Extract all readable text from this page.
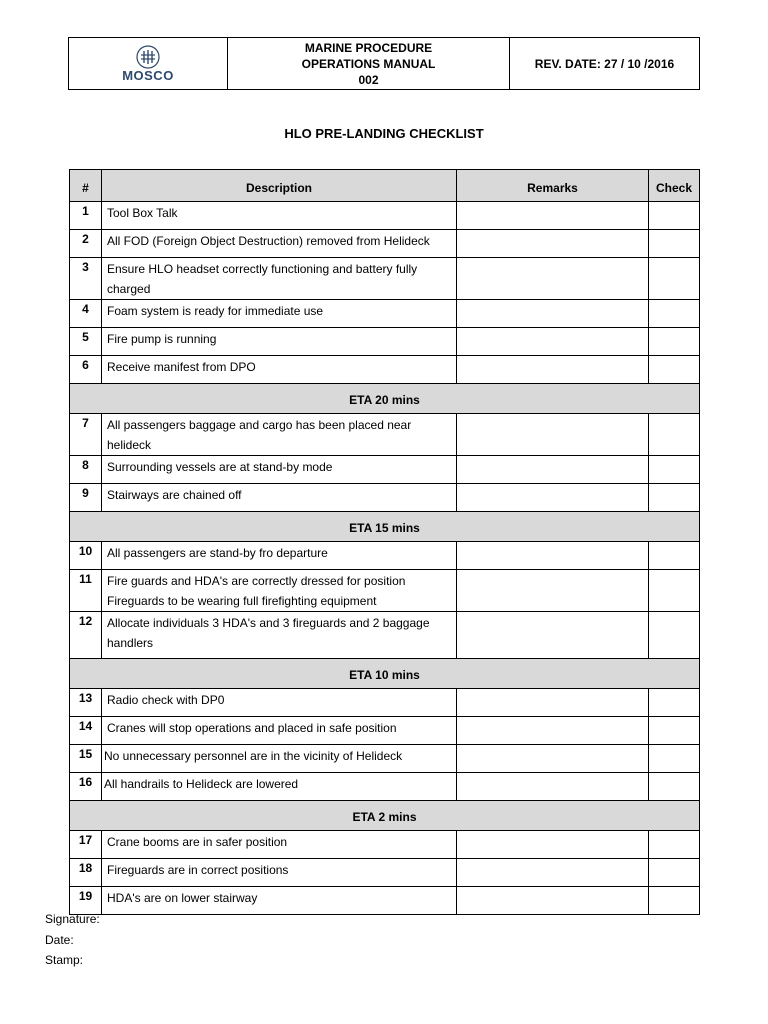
MOSCO
MARINE PROCEDURE
OPERATIONS MANUAL
002
REV. DATE: 27 / 10 /2016
HLO PRE-LANDING CHECKLIST
#	Description	Remarks	Check
1	Tool Box Talk		
2	All FOD (Foreign Object Destruction) removed from Helideck		
3	Ensure HLO headset correctly functioning and battery fully charged		
4	Foam system is ready for immediate use		
5	Fire pump is running		
6	Receive manifest from DPO		
ETA 20 mins			
7	All passengers baggage and cargo has been placed near helideck		
8	Surrounding vessels are at stand-by mode		
9	Stairways are chained off		
ETA 15 mins			
10	All passengers are stand-by fro departure		
11	Fire guards and HDA's are correctly dressed for position Fireguards to be wearing full firefighting equipment		
12	Allocate individuals 3 HDA's and 3 fireguards and 2 baggage handlers		
ETA 10 mins			
13	Radio check with DP0		
14	Cranes will stop operations and placed in safe position		
15	No unnecessary personnel are in the vicinity of Helideck		
16	All handrails to Helideck are lowered		
ETA 2 mins			
17	Crane booms are in safer position		
18	Fireguards are in correct positions		
19	HDA's are on lower stairway		
Signature:
Date:
Stamp:
